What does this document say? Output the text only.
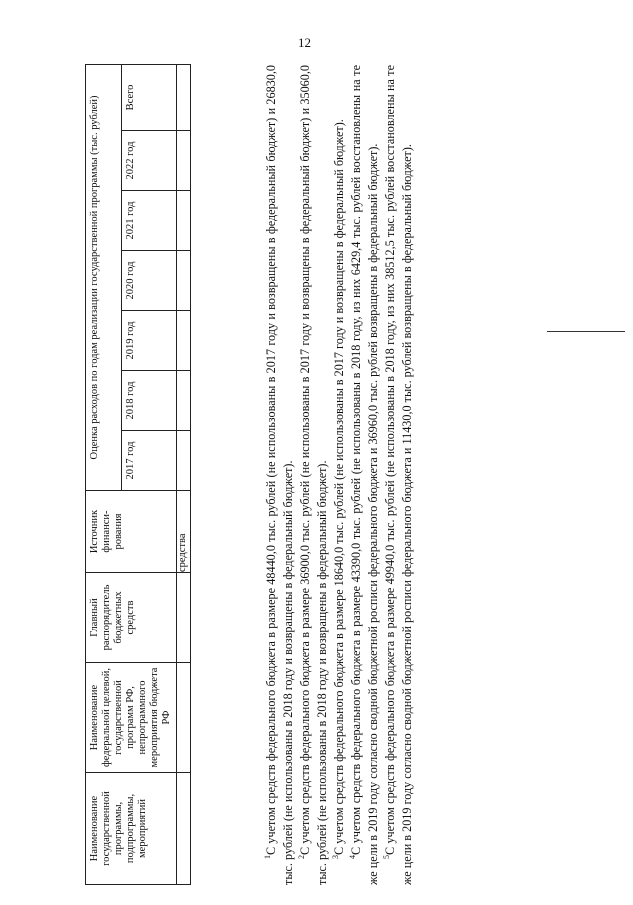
12
Наименование государственной программы, подпрограммы, мероприятий	Наименование федеральной целевой, государственной программ РФ, непрограммного мероприятия бюджета РФ	Главный распорядитель бюджетных средств	Источник финанси-рования	Оценка расходов по годам реализации государственной программы (тыс. рублей)						
				2017 год	2018 год	2019 год	2020 год	2021 год	2022 год	Всего
			средства							

$^1$С учетом средств федерального бюджета в размере 48440,0 тыс. рублей (не использованы в 2017 году и возвращены в федеральный бюджет) и 26830,0 тыс. рублей (не использованы в 2018 году и возвращены в федеральный бюджет). $^2$С учетом средств федерального бюджета в размере 36900,0 тыс. рублей (не использованы в 2017 году и возвращены в федеральный бюджет) и 35060,0 тыс. рублей (не использованы в 2018 году и возвращены в федеральный бюджет). $^3$С учетом средств федерального бюджета в размере 18640,0 тыс. рублей (не использованы в 2017 году и возвращены в федеральный бюджет).

$^4$С учетом средств федерального бюджета в размере 43390,0 тыс. рублей (не использованы в 2018 году, из них 6429,4 тыс. рублей восстановлены на те же цели в 2019 году согласно сводной бюджетной росписи федерального бюджета и 36960,0 тыс. рублей возвращены в федеральный бюджет). $^5$С учетом средств федерального бюджета в размере 49940,0 тыс. рублей (не использованы в 2018 году, из них 38512,5 тыс. рублей восстановлены на те же цели в 2019 году согласно сводной бюджетной росписи федерального бюджета и 11430,0 тыс. рублей возвращены в федеральный бюджет).
